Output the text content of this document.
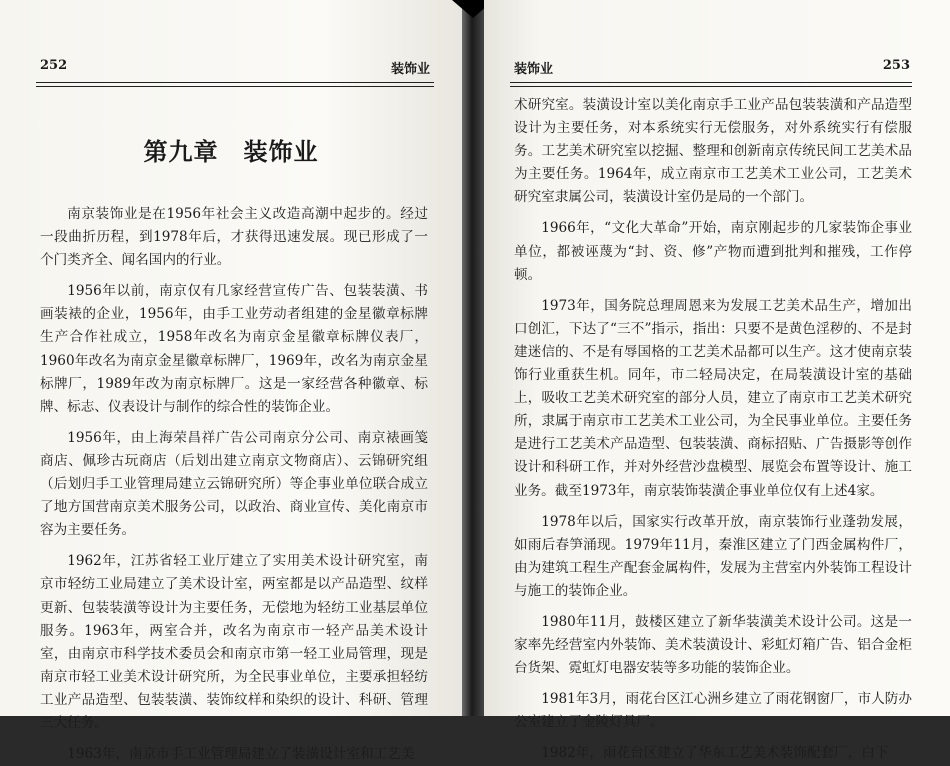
252	装饰业
第九章　装饰业

南京装饰业是在1956年社会主义改造高潮中起步的。经过一段曲折历程，到1978年后，才获得迅速发展。现已形成了一个门类齐全、闻名国内的行业。

1956年以前，南京仅有几家经营宣传广告、包装装潢、书画装裱的企业，1956年，由手工业劳动者组建的金星徽章标牌生产合作社成立，1958年改名为南京金星徽章标牌仪表厂，1960年改名为南京金星徽章标牌厂，1969年，改名为南京金星标牌厂，1989年改为南京标牌厂。这是一家经营各种徽章、标牌、标志、仪表设计与制作的综合性的装饰企业。

1956年，由上海荣昌祥广告公司南京分公司、南京裱画笺商店、佩珍古玩商店（后划出建立南京文物商店）、云锦研究组（后划归手工业管理局建立云锦研究所）等企事业单位联合成立了地方国营南京美术服务公司，以政治、商业宣传、美化南京市容为主要任务。

1962年，江苏省轻工业厅建立了实用美术设计研究室，南京市轻纺工业局建立了美术设计室，两室都是以产品造型、纹样更新、包装装潢等设计为主要任务，无偿地为轻纺工业基层单位服务。1963年，两室合并，改名为南京市一轻产品美术设计室，由南京市科学技术委员会和南京市第一轻工业局管理，现是南京市轻工业美术设计研究所，为全民事业单位，主要承担轻纺工业产品造型、包装装潢、装饰纹样和染织的设计、科研、管理三大任务。

1963年，南京市手工业管理局建立了装潢设计室和工艺美

装饰业	253

术研究室。装潢设计室以美化南京手工业产品包装装潢和产品造型设计为主要任务，对本系统实行无偿服务，对外系统实行有偿服务。工艺美术研究室以挖掘、整理和创新南京传统民间工艺美术品为主要任务。1964年，成立南京市工艺美术工业公司，工艺美术研究室隶属公司，装潢设计室仍是局的一个部门。

1966年，“文化大革命”开始，南京刚起步的几家装饰企事业单位，都被诬蔑为“封、资、修”产物而遭到批判和摧残，工作停顿。

1973年，国务院总理周恩来为发展工艺美术品生产，增加出口创汇，下达了“三不”指示，指出：只要不是黄色淫秽的、不是封建迷信的、不是有辱国格的工艺美术品都可以生产。这才使南京装饰行业重获生机。同年，市二轻局决定，在局装潢设计室的基础上，吸收工艺美术研究室的部分人员，建立了南京市工艺美术研究所，隶属于南京市工艺美术工业公司，为全民事业单位。主要任务是进行工艺美术产品造型、包装装潢、商标招贴、广告摄影等创作设计和科研工作，并对外经营沙盘模型、展览会布置等设计、施工业务。截至1973年，南京装饰装潢企事业单位仅有上述4家。

1978年以后，国家实行改革开放，南京装饰行业蓬勃发展，如雨后春笋涌现。1979年11月，秦淮区建立了门西金属构件厂，由为建筑工程生产配套金属构件，发展为主营室内外装饰工程设计与施工的装饰企业。

1980年11月，鼓楼区建立了新华装潢美术设计公司。这是一家率先经营室内外装饰、美术装潢设计、彩虹灯箱广告、铝合金柜台货架、霓虹灯电器安装等多功能的装饰企业。

1981年3月，雨花台区江心洲乡建立了雨花钢窗厂，市人防办公室建立了金陵灯具厂。

1982年，雨花台区建立了华东工艺美术装饰配套厂，白下
